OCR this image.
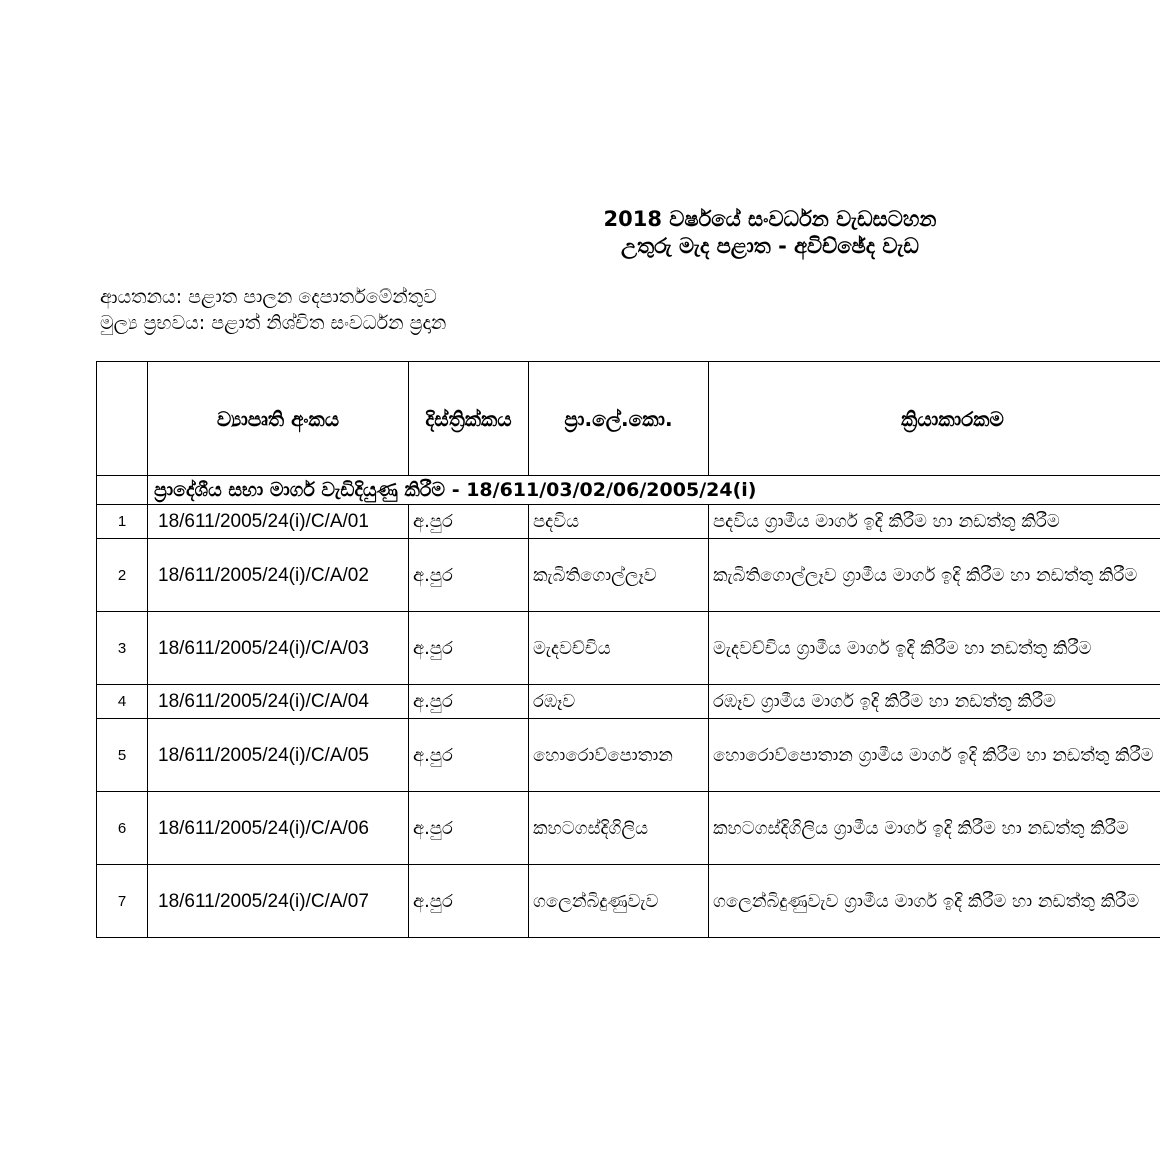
2018 වර්ෂයේ සංවර්ධන වැඩසටහන
උතුරු මැද පළාත - අවිච්ඡේද වැඩ
ආයතනය: පළාත පාලන දෙපාර්තමේන්තුව
මුල්‍ය ප්‍රභවය: පළාත් නිශ්චිත සංවර්ධන ප්‍රදාන
	ව්‍යාපෘති අංකය	දිස්ත්‍රික්කය	ප්‍රා.ලේ.කො.	ක්‍රියාකාරකම
	ප්‍රාදේශීය සභා මාර්ග වැඩිදියුණු කිරීම - 18/611/03/02/06/2005/24(i)			
1	18/611/2005/24(i)/C/A/01	අ.පුර	පදවිය	පදවිය ග්‍රාමීය මාර්ග ඉදි කිරීම හා නඩත්තු කිරීම
2	18/611/2005/24(i)/C/A/02	අ.පුර	කැබිතිගොල්ලෑව	කැබිතිගොල්ලෑව ග්‍රාමීය මාර්ග ඉදි කිරීම හා නඩත්තු කිරීම
3	18/611/2005/24(i)/C/A/03	අ.පුර	මැදවච්චිය	මැදවච්චිය ග්‍රාමීය මාර්ග ඉදි කිරීම හා නඩත්තු කිරීම
4	18/611/2005/24(i)/C/A/04	අ.පුර	රඹෑව	රඹෑව ග්‍රාමීය මාර්ග ඉදි කිරීම හා නඩත්තු කිරීම
5	18/611/2005/24(i)/C/A/05	අ.පුර	හොරොව්පොතාන	හොරොව්පොතාන ග්‍රාමීය මාර්ග ඉදි කිරීම හා නඩත්තු කිරීම
6	18/611/2005/24(i)/C/A/06	අ.පුර	කහටගස්දිගිලිය	කහටගස්දිගිලිය ග්‍රාමීය මාර්ග ඉදි කිරීම හා නඩත්තු කිරීම
7	18/611/2005/24(i)/C/A/07	අ.පුර	ගලෙන්බිදුණුවැව	ගලෙන්බිදුණුවැව ග්‍රාමීය මාර්ග ඉදි කිරීම හා නඩත්තු කිරීම
